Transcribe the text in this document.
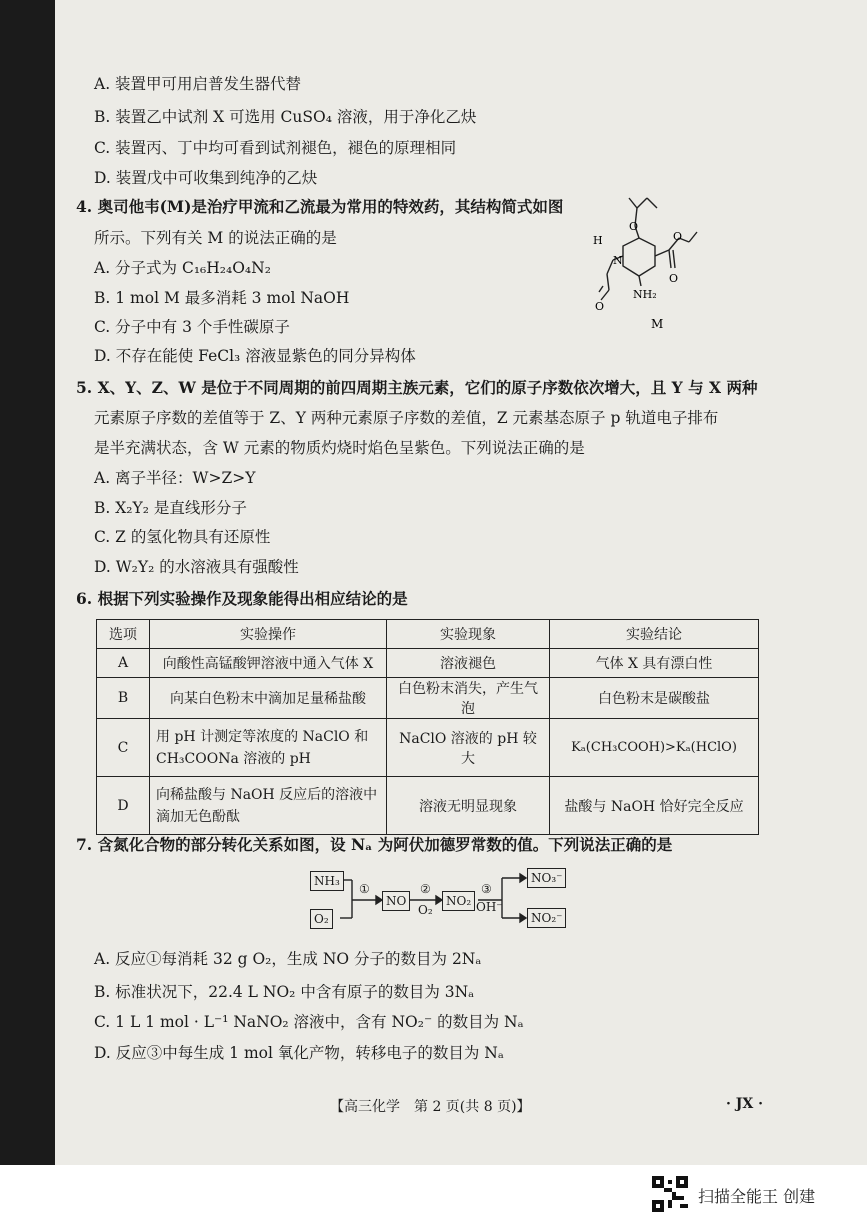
A. 装置甲可用启普发生器代替
B. 装置乙中试剂 X 可选用 CuSO₄ 溶液，用于净化乙炔
C. 装置丙、丁中均可看到试剂褪色，褪色的原理相同
D. 装置戊中可收集到纯净的乙炔
4. 奥司他韦(M)是治疗甲流和乙流最为常用的特效药，其结构简式如图
所示。下列有关 M 的说法正确的是
A. 分子式为 C₁₆H₂₄O₄N₂
B. 1 mol M 最多消耗 3 mol NaOH
C. 分子中有 3 个手性碳原子
D. 不存在能使 FeCl₃ 溶液显紫色的同分异构体
H
N
O
O
O
O
NH₂
M
5. X、Y、Z、W 是位于不同周期的前四周期主族元素，它们的原子序数依次增大，且 Y 与 X 两种
元素原子序数的差值等于 Z、Y 两种元素原子序数的差值，Z 元素基态原子 p 轨道电子排布
是半充满状态，含 W 元素的物质灼烧时焰色呈紫色。下列说法正确的是
A. 离子半径：W>Z>Y
B. X₂Y₂ 是直线形分子
C. Z 的氢化物具有还原性
D. W₂Y₂ 的水溶液具有强酸性
6. 根据下列实验操作及现象能得出相应结论的是
选项	实验操作	实验现象	实验结论
A	向酸性高锰酸钾溶液中通入气体 X	溶液褪色	气体 X 具有漂白性
B	向某白色粉末中滴加足量稀盐酸	白色粉末消失，产生气泡	白色粉末是碳酸盐
C	用 pH 计测定等浓度的 NaClO 和 CH₃COONa 溶液的 pH	NaClO 溶液的 pH 较大	Kₐ(CH₃COOH)>Kₐ(HClO)
D	向稀盐酸与 NaOH 反应后的溶液中滴加无色酚酞	溶液无明显现象	盐酸与 NaOH 恰好完全反应
7. 含氮化合物的部分转化关系如图，设 Nₐ 为阿伏加德罗常数的值。下列说法正确的是
NH₃
O₂
NO	NO₂
NO₃⁻
NO₂⁻
①	②
O₂
③
OH⁻
A. 反应①每消耗 32 g O₂，生成 NO 分子的数目为 2Nₐ
B. 标准状况下，22.4 L NO₂ 中含有原子的数目为 3Nₐ
C. 1 L 1 mol · L⁻¹ NaNO₂ 溶液中，含有 NO₂⁻ 的数目为 Nₐ
D. 反应③中每生成 1 mol 氧化产物，转移电子的数目为 Nₐ
【高三化学　第 2 页(共 8 页)】	· JX ·
扫描全能王 创建
